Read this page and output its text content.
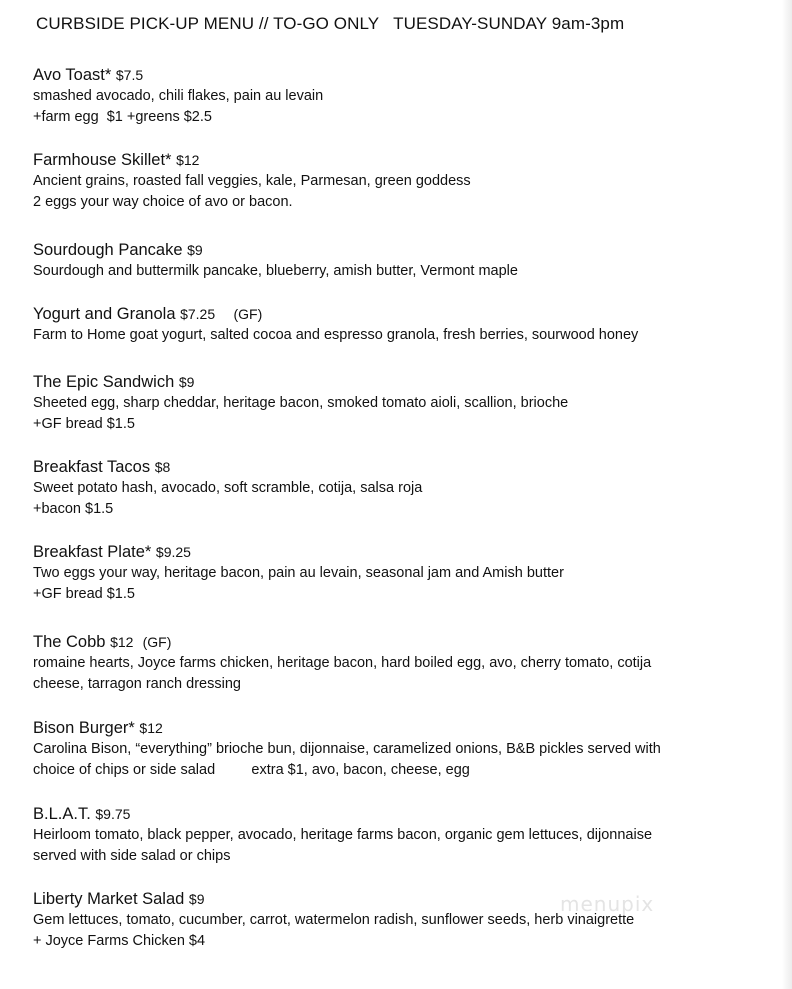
CURBSIDE PICK-UP MENU // TO-GO ONLY TUESDAY-SUNDAY 9am-3pm
Avo Toast* $7.5
smashed avocado, chili flakes, pain au levain
+farm egg  $1 +greens $2.5
Farmhouse Skillet* $12
Ancient grains, roasted fall veggies, kale, Parmesan, green goddess
2 eggs your way choice of avo or bacon.
Sourdough Pancake $9
Sourdough and buttermilk pancake, blueberry, amish butter, Vermont maple
Yogurt and Granola $7.25 (GF)
Farm to Home goat yogurt, salted cocoa and espresso granola, fresh berries, sourwood honey
The Epic Sandwich $9
Sheeted egg, sharp cheddar, heritage bacon, smoked tomato aioli, scallion, brioche
+GF bread $1.5
Breakfast Tacos $8
Sweet potato hash, avocado, soft scramble, cotija, salsa roja
+bacon $1.5
Breakfast Plate* $9.25
Two eggs your way, heritage bacon, pain au levain, seasonal jam and Amish butter
+GF bread $1.5
The Cobb $12 (GF)
romaine hearts, Joyce farms chicken, heritage bacon, hard boiled egg, avo, cherry tomato, cotija
cheese, tarragon ranch dressing
Bison Burger* $12
Carolina Bison, “everything” brioche bun, dijonnaise, caramelized onions, B&B pickles served with
choice of chips or side salad         extra $1, avo, bacon, cheese, egg
B.L.A.T. $9.75
Heirloom tomato, black pepper, avocado, heritage farms bacon, organic gem lettuces, dijonnaise
served with side salad or chips
Liberty Market Salad $9
Gem lettuces, tomato, cucumber, carrot, watermelon radish, sunflower seeds, herb vinaigrette
+ Joyce Farms Chicken $4
menupix
